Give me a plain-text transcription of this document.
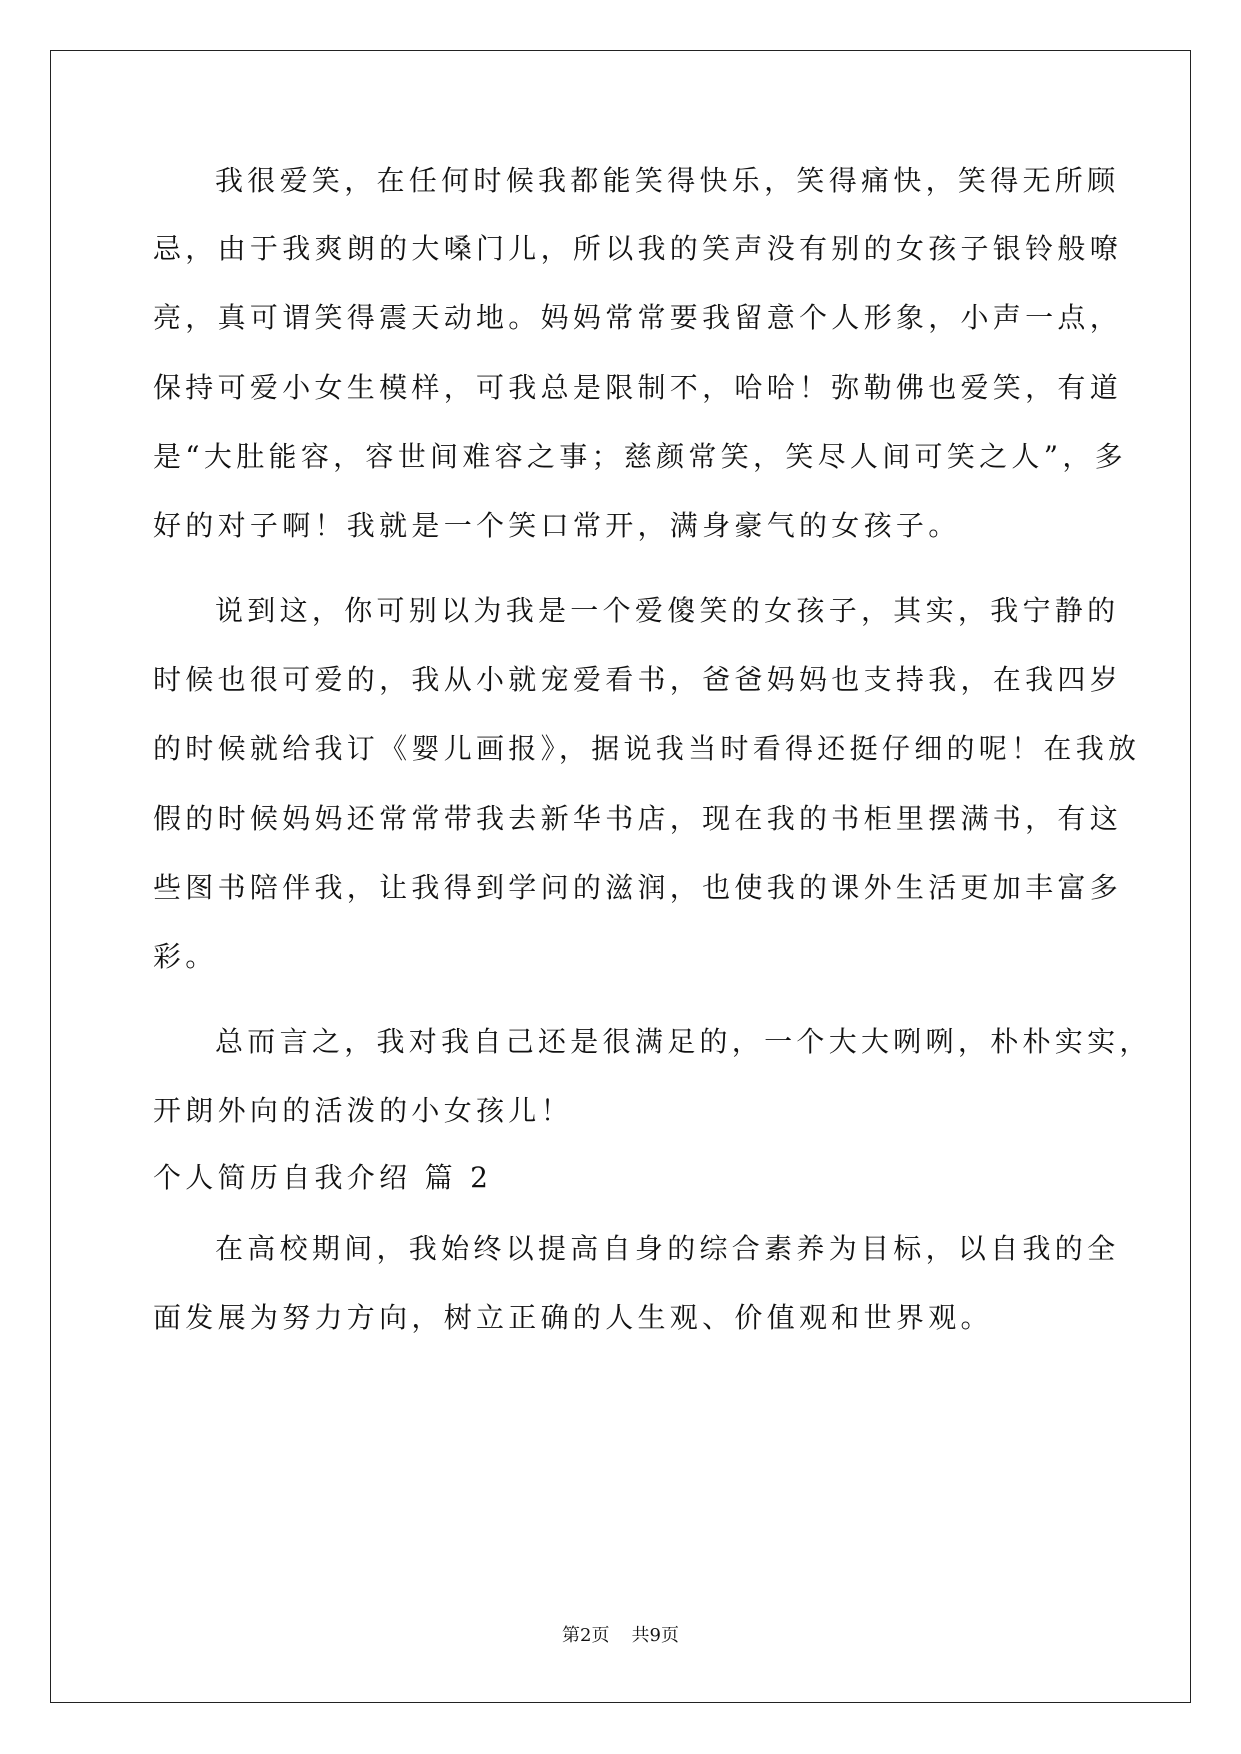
我很爱笑，在任何时候我都能笑得快乐，笑得痛快，笑得无所顾
忌，由于我爽朗的大嗓门儿，所以我的笑声没有别的女孩子银铃般嘹
亮，真可谓笑得震天动地。妈妈常常要我留意个人形象，小声一点，
保持可爱小女生模样，可我总是限制不，哈哈！弥勒佛也爱笑，有道
是“大肚能容，容世间难容之事；慈颜常笑，笑尽人间可笑之人”，多
好的对子啊！我就是一个笑口常开，满身豪气的女孩子。
说到这，你可别以为我是一个爱傻笑的女孩子，其实，我宁静的
时候也很可爱的，我从小就宠爱看书，爸爸妈妈也支持我，在我四岁
的时候就给我订《婴儿画报》，据说我当时看得还挺仔细的呢！在我放
假的时候妈妈还常常带我去新华书店，现在我的书柜里摆满书，有这
些图书陪伴我，让我得到学问的滋润，也使我的课外生活更加丰富多
彩。
总而言之，我对我自己还是很满足的，一个大大咧咧，朴朴实实，
开朗外向的活泼的小女孩儿！
个人简历自我介绍 篇 2
在高校期间，我始终以提高自身的综合素养为目标，以自我的全
面发展为努力方向，树立正确的人生观、价值观和世界观。
第2页 共9页
